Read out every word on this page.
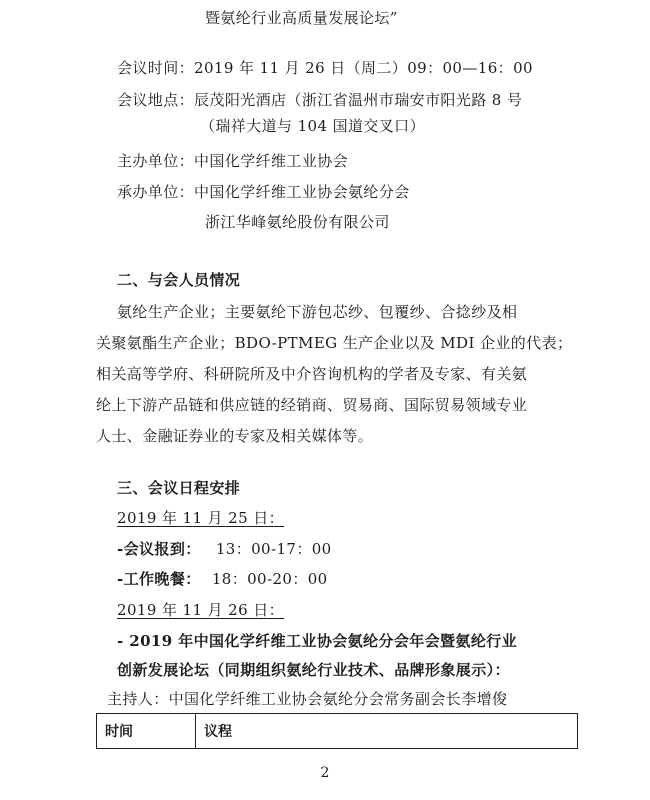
暨氨纶行业高质量发展论坛”
会议时间：2019 年 11 月 26 日（周二）09：00—16：00
会议地点：辰茂阳光酒店（浙江省温州市瑞安市阳光路 8 号
（瑞祥大道与 104 国道交叉口）
主办单位：中国化学纤维工业协会
承办单位：中国化学纤维工业协会氨纶分会
浙江华峰氨纶股份有限公司
二、与会人员情况
氨纶生产企业；主要氨纶下游包芯纱、包覆纱、合捻纱及相
关聚氨酯生产企业；BDO-PTMEG 生产企业以及 MDI 企业的代表；
相关高等学府、科研院所及中介咨询机构的学者及专家、有关氨
纶上下游产品链和供应链的经销商、贸易商、国际贸易领域专业
人士、金融证券业的专家及相关媒体等。
三、会议日程安排
2019 年 11 月 25 日：
-会议报到： 13：00-17：00
-工作晚餐： 18：00-20：00
2019 年 11 月 26 日：
- 2019 年中国化学纤维工业协会氨纶分会年会暨氨纶行业
创新发展论坛（同期组织氨纶行业技术、品牌形象展示）：
主持人：中国化学纤维工业协会氨纶分会常务副会长李增俊
时间	议程
2
